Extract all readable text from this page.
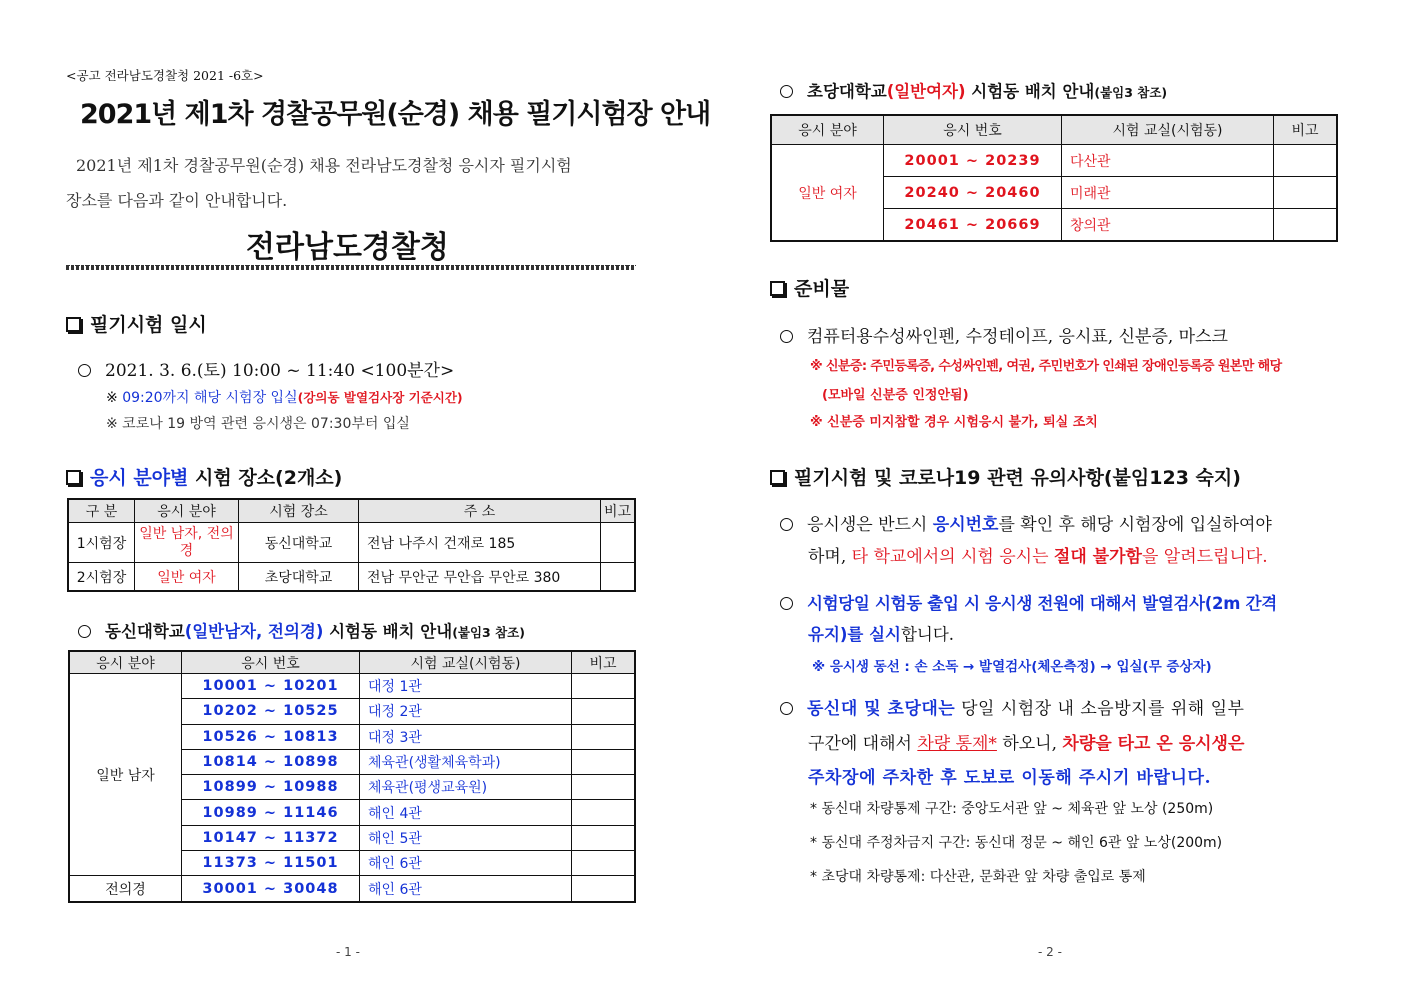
<공고 전라남도경찰청 2021 -6호>
2021년 제1차 경찰공무원(순경) 채용 필기시험장 안내
2021년 제1차 경찰공무원(순경) 채용 전라남도경찰청 응시자 필기시험
장소를 다음과 같이 안내합니다.
전라남도경찰청
필기시험 일시
2021. 3. 6.(토) 10:00 ~ 11:40 <100분간>
※ 09:20까지 해당 시험장 입실(강의동 발열검사장 기준시간)
※ 코로나 19 방역 관련 응시생은 07:30부터 입실
응시 분야별 시험 장소(2개소)
구 분	응시 분야	시험 장소	주 소	비고
1시험장	일반 남자, 전의경	동신대학교	전남 나주시 건재로 185	
2시험장	일반 여자	초당대학교	전남 무안군 무안읍 무안로 380	
동신대학교(일반남자, 전의경) 시험동 배치 안내(붙임3 참조)
응시 분야	응시 번호	시험 교실(시험동)	비고
일반 남자	10001 ~ 10201	대정 1관	
	10202 ~ 10525	대정 2관	
	10526 ~ 10813	대정 3관	
	10814 ~ 10898	체육관(생활체육학과)	
	10899 ~ 10988	체육관(평생교육원)	
	10989 ~ 11146	해인 4관	
	10147 ~ 11372	해인 5관	
	11373 ~ 11501	해인 6관	
전의경	30001 ~ 30048	해인 6관	
- 1 -
초당대학교(일반여자) 시험동 배치 안내(붙임3 참조)
응시 분야	응시 번호	시험 교실(시험동)	비고
일반 여자	20001 ~ 20239	다산관	
	20240 ~ 20460	미래관	
	20461 ~ 20669	창의관	
준비물
컴퓨터용수성싸인펜, 수정테이프, 응시표, 신분증, 마스크
※ 신분증: 주민등록증, 수성싸인펜, 여권, 주민번호가 인쇄된 장애인등록증 원본만 해당
(모바일 신분증 인정안됨)
※ 신분증 미지참할 경우 시험응시 불가, 퇴실 조치
필기시험 및 코로나19 관련 유의사항(붙임123 숙지)
응시생은 반드시 응시번호를 확인 후 해당 시험장에 입실하여야
하며, 타 학교에서의 시험 응시는 절대 불가함을 알려드립니다.
시험당일 시험동 출입 시 응시생 전원에 대해서 발열검사(2m 간격
유지)를 실시합니다.
※ 응시생 동선 : 손 소독 → 발열검사(체온측정) → 입실(무 증상자)
동신대 및 초당대는 당일 시험장 내 소음방지를 위해 일부
구간에 대해서 차량 통제* 하오니, 차량을 타고 온 응시생은
주차장에 주차한 후 도보로 이동해 주시기 바랍니다.
* 동신대 차량통제 구간: 중앙도서관 앞 ~ 체육관 앞 노상 (250m)
* 동신대 주정차금지 구간: 동신대 정문 ~ 해인 6관 앞 노상(200m)
* 초당대 차량통제: 다산관, 문화관 앞 차량 출입로 통제
- 2 -
